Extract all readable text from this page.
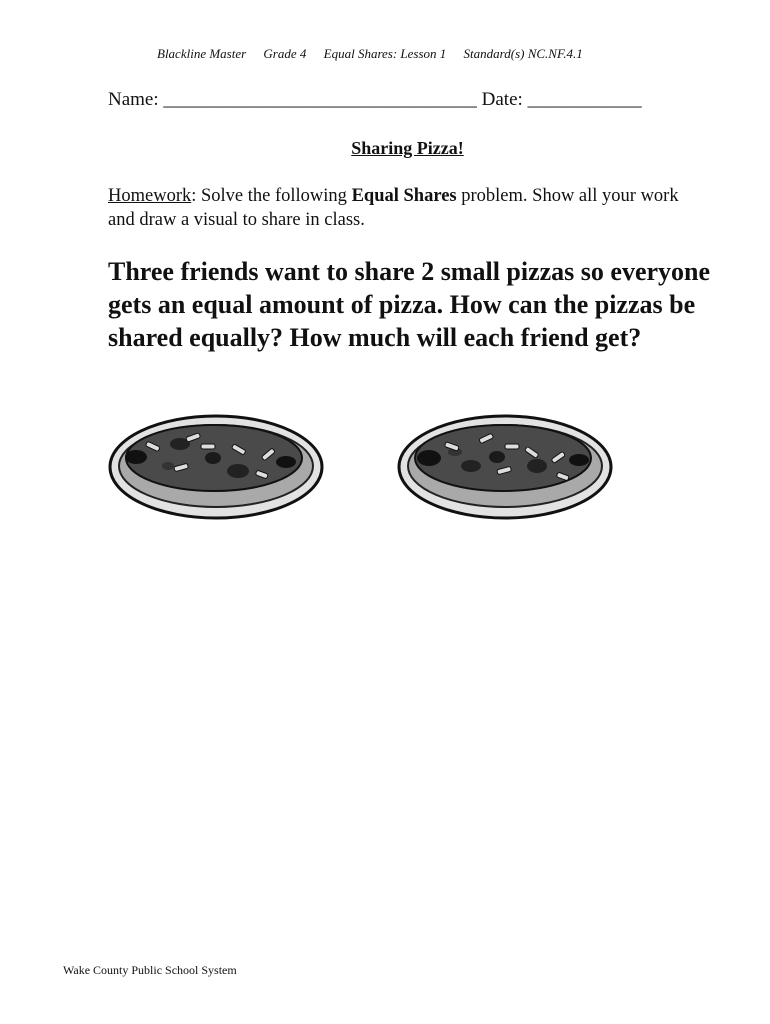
Blackline Master Grade 4 Equal Shares: Lesson 1 Standard(s) NC.NF.4.1
Name: _________________________________ Date: ____________
Sharing Pizza!
Homework: Solve the following Equal Shares problem. Show all your work and draw a visual to share in class.
Three friends want to share 2 small pizzas so everyone gets an equal amount of pizza. How can the pizzas be shared equally? How much will each friend get?
Wake County Public School System
